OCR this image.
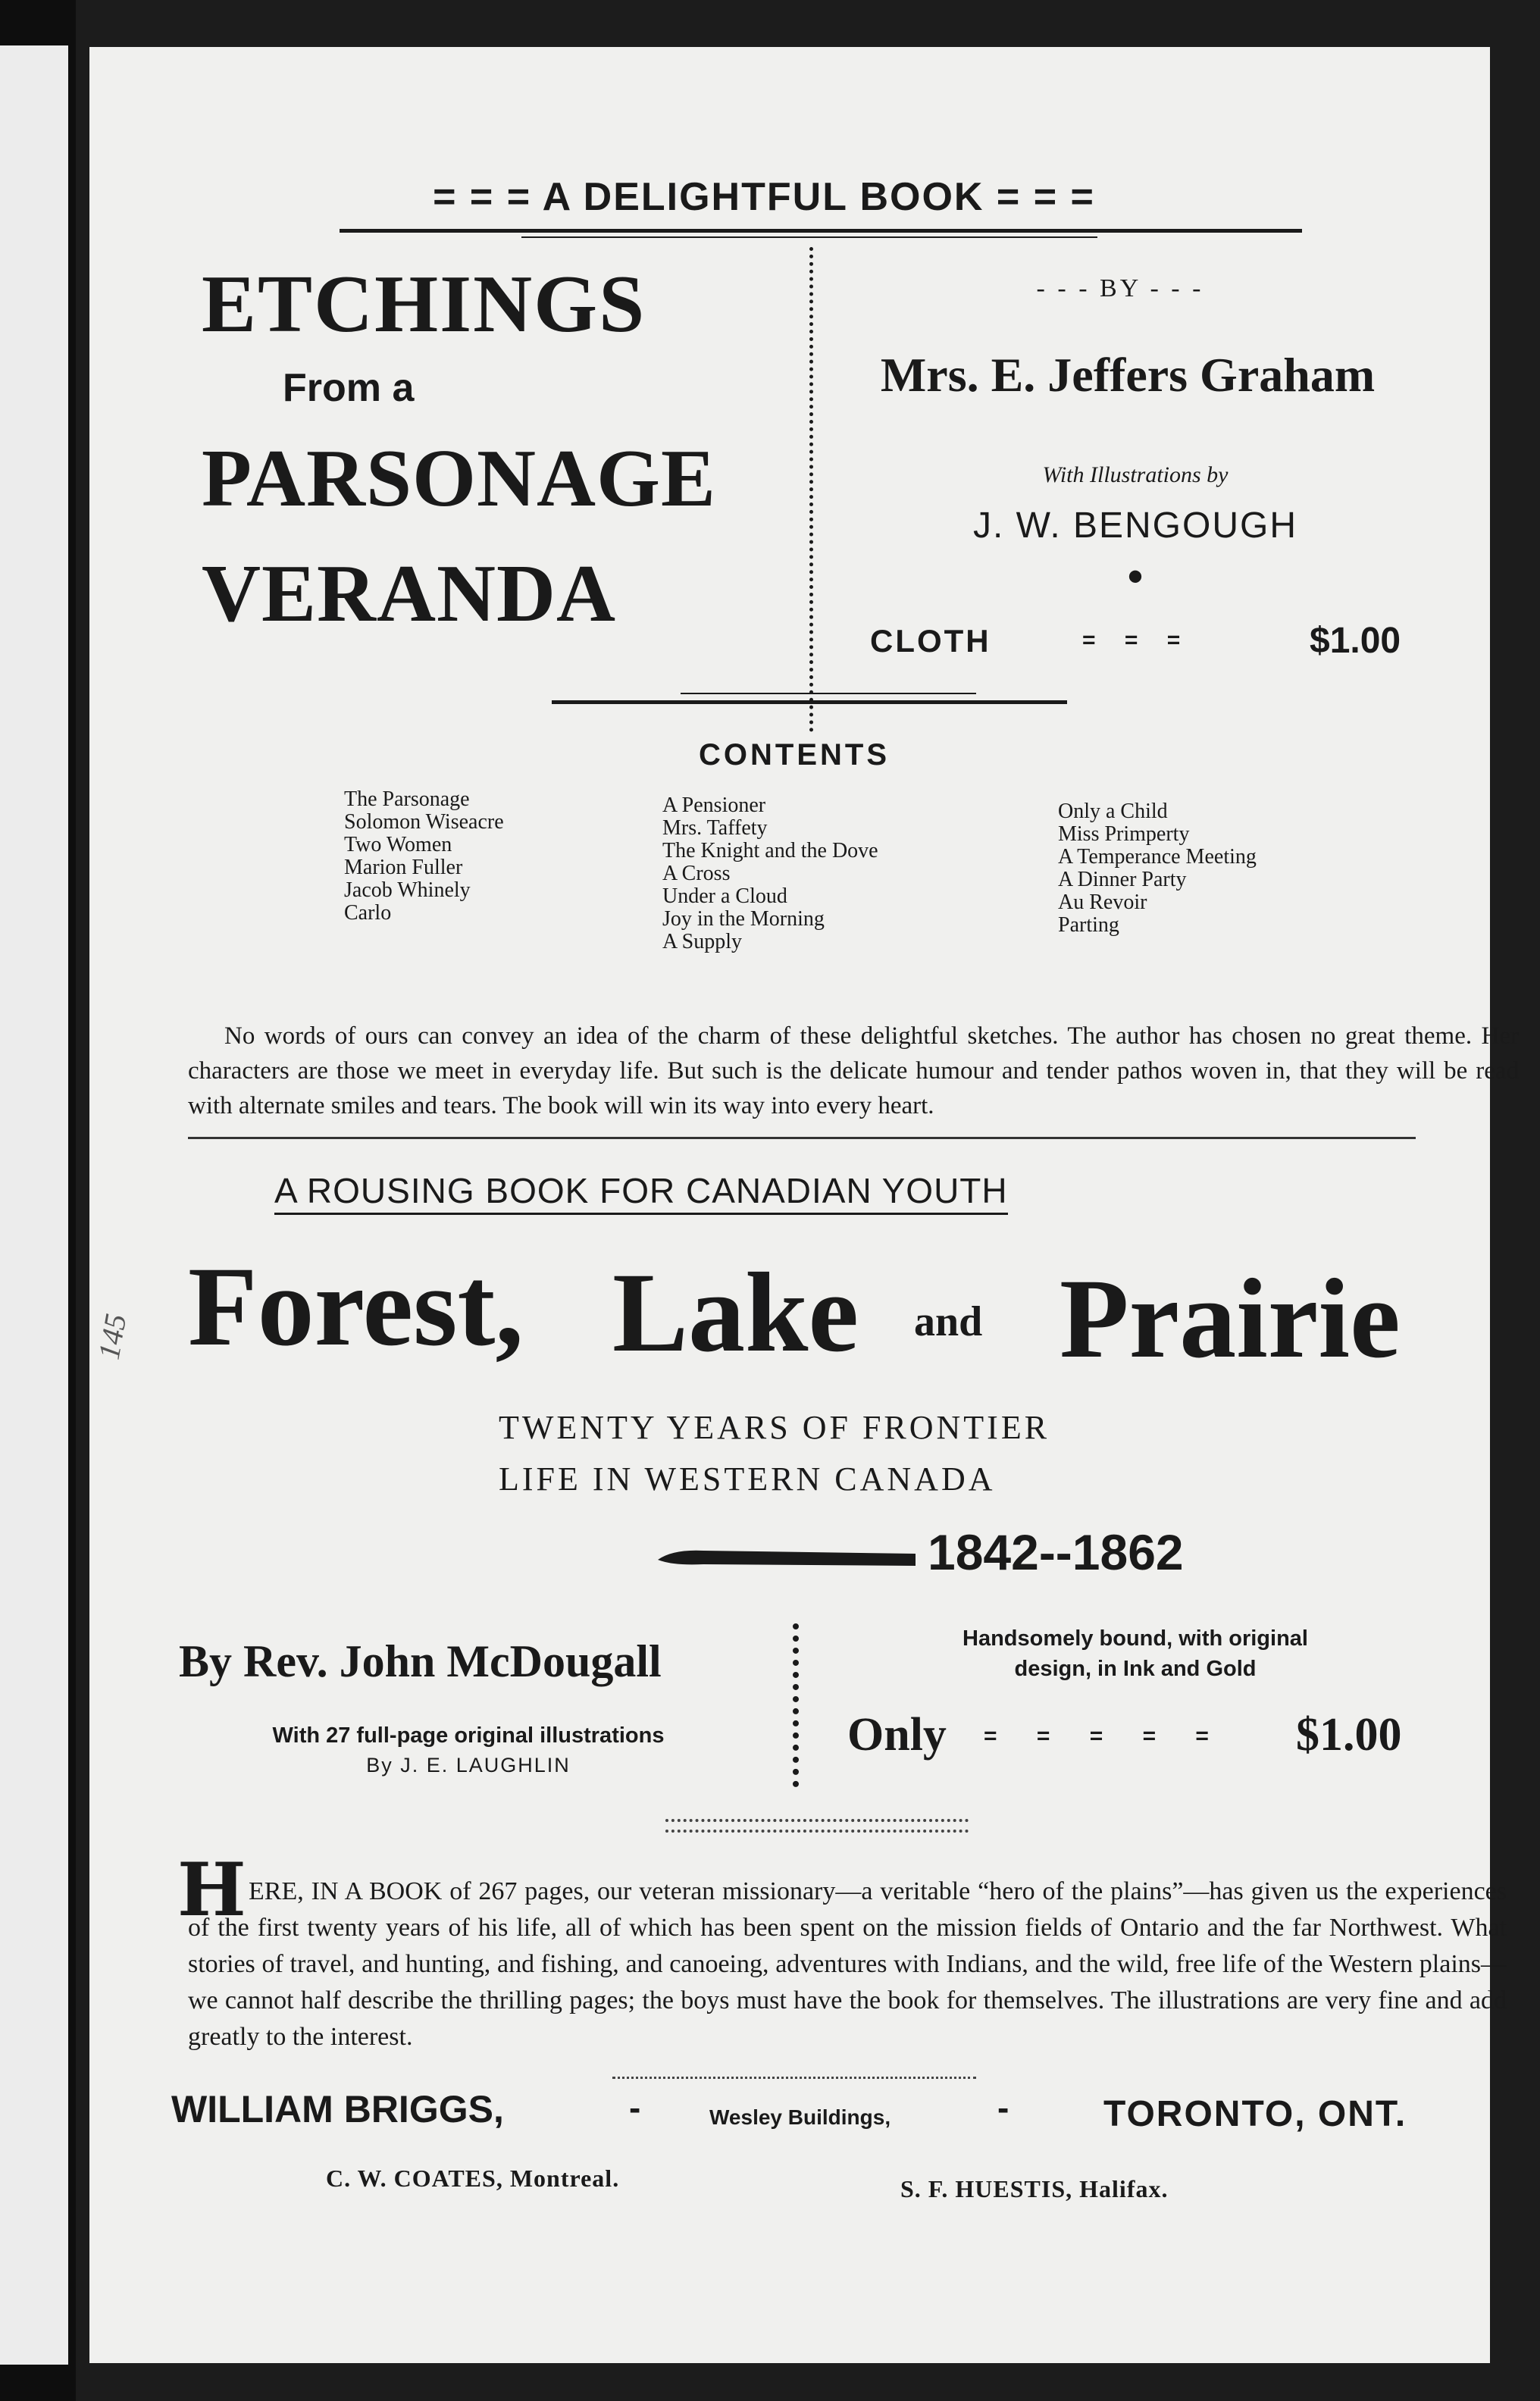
= = = A DELIGHTFUL BOOK = = =
ETCHINGS
From a
PARSONAGE
VERANDA
- - - BY - - -
Mrs. E. Jeffers Graham
With Illustrations by
J. W. BENGOUGH
•
CLOTH	= = =	$1.00
CONTENTS
The Parsonage
Solomon Wiseacre
Two Women
Marion Fuller
Jacob Whinely
Carlo
A Pensioner
Mrs. Taffety
The Knight and the Dove
A Cross
Under a Cloud
Joy in the Morning
A Supply
Only a Child
Miss Primperty
A Temperance Meeting
A Dinner Party
Au Revoir
Parting

No words of ours can convey an idea of the charm of these delightful sketches. The author has chosen no great theme. Her characters are those we meet in everyday life. But such is the delicate humour and tender pathos woven in, that they will be read with alternate smiles and tears. The book will win its way into every heart.

A ROUSING BOOK FOR CANADIAN YOUTH
Forest, Lake and Prairie
TWENTY YEARS OF FRONTIER
LIFE IN WESTERN CANADA
1842--1862
By Rev. John McDougall
With 27 full-page original illustrations
By J. E. LAUGHLIN
Handsomely bound, with original
design, in Ink and Gold
Only = = = = = $1.00
H ERE, IN A BOOK of 267 pages, our veteran missionary—a veritable “hero of the plains”—has given us the experiences of the first twenty years of his life, all of which has been spent on the mission fields of Ontario and the far Northwest. What stories of travel, and hunting, and fishing, and canoeing, adventures with Indians, and the wild, free life of the Western plains—we cannot half describe the thrilling pages; the boys must have the book for themselves. The illustrations are very fine and add greatly to the interest.

WILLIAM BRIGGS,	-	Wesley Buildings,	-	TORONTO, ONT.
C. W. COATES, Montreal.	S. F. HUESTIS, Halifax.
145
